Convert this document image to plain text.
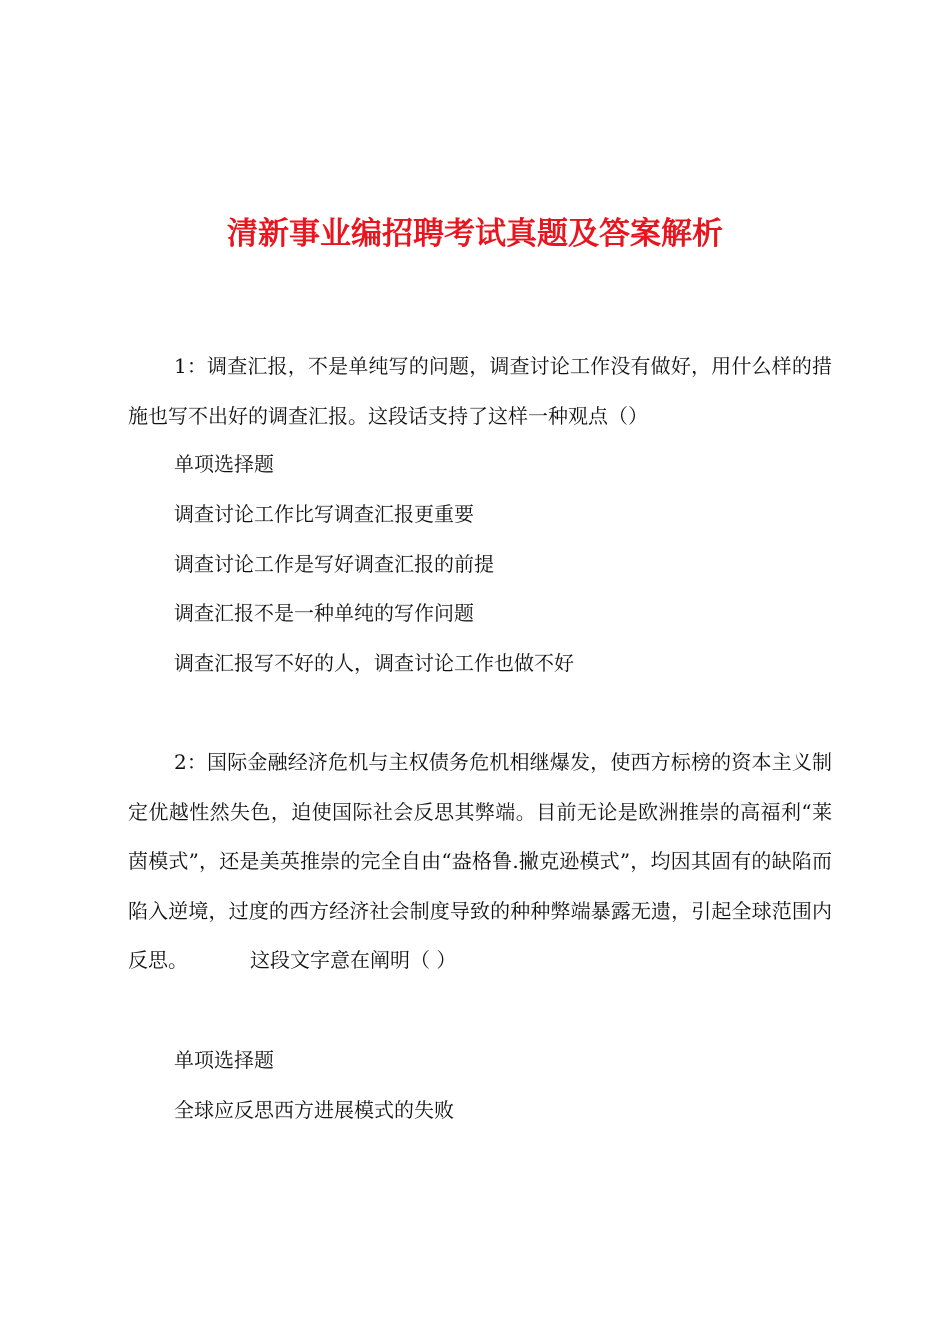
清新事业编招聘考试真题及答案解析
1：调查汇报，不是单纯写的问题，调查讨论工作没有做好，用什么样的措施也写不出好的调查汇报。这段话支持了这样一种观点（）
单项选择题
调查讨论工作比写调查汇报更重要
调查讨论工作是写好调查汇报的前提
调查汇报不是一种单纯的写作问题
调查汇报写不好的人，调查讨论工作也做不好
2：国际金融经济危机与主权债务危机相继爆发，使西方标榜的资本主义制定优越性然失色，迫使国际社会反思其弊端。目前无论是欧洲推崇的高福利“莱茵模式”，还是美英推崇的完全自由“盎格鲁.撇克逊模式”，均因其固有的缺陷而陷入逆境，过度的西方经济社会制度导致的种种弊端暴露无遗，引起全球范围内反思。	这段文字意在阐明（ ）
单项选择题
全球应反思西方进展模式的失败
